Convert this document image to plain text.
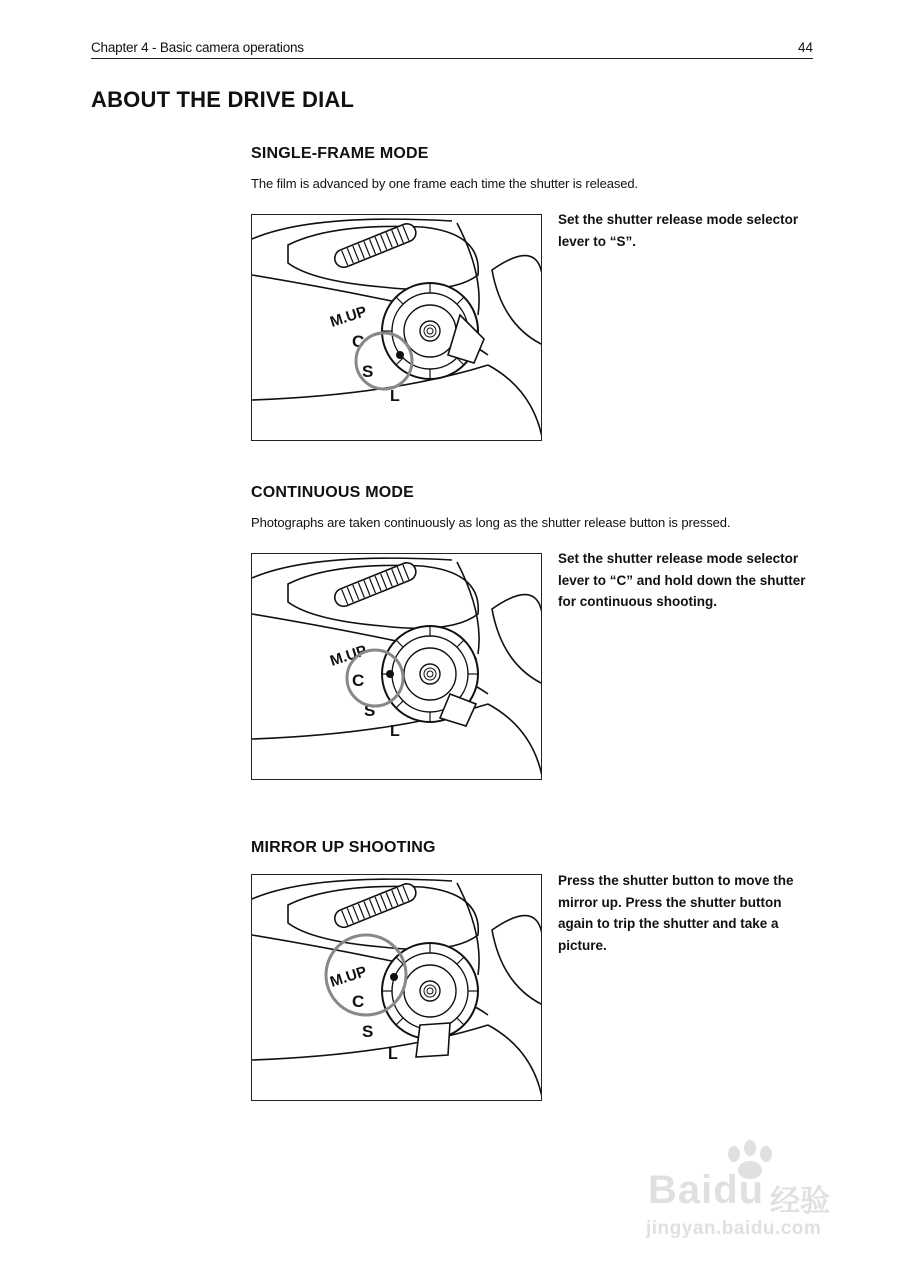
Chapter 4 - Basic camera operations	44
ABOUT THE DRIVE DIAL
SINGLE-FRAME MODE

The film is advanced by one frame each time the shutter is released.

M.UP
C
S
L

Set the shutter release mode selector lever to “S”.

CONTINUOUS MODE

Photographs are taken continuously as long as the shutter release button is pressed.

M.UP
C
S
L

Set the shutter release mode selector lever to “C” and hold down the shutter for continuous shooting.

MIRROR UP SHOOTING
M.UP
C
S
L

Press the shutter button to move the mirror up. Press the shutter button again to trip the shutter and take a picture.

Baidu 经验
jingyan.baidu.com
